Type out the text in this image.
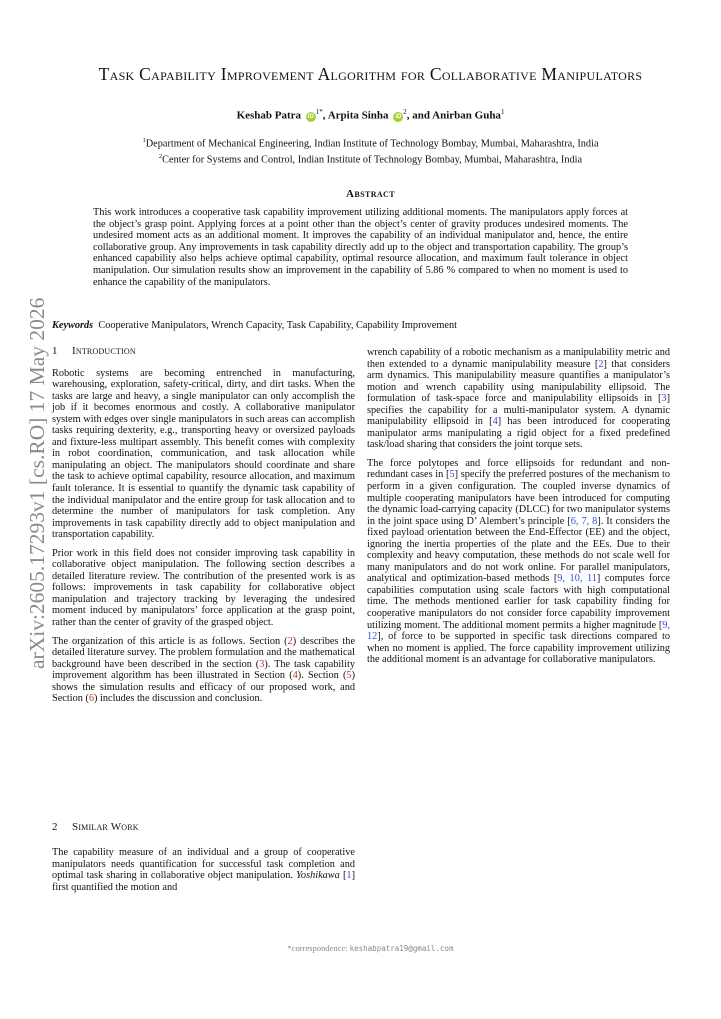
arXiv:2605.17293v1 [cs.RO] 17 May 2026
Task Capability Improvement Algorithm for Collaborative Manipulators
Keshab Patra $iD^{1*}$, Arpita Sinha $iD^2$, and Anirban Guha$^1$
$^1$Department of Mechanical Engineering, Indian Institute of Technology Bombay, Mumbai, Maharashtra, India
$^2$Center for Systems and Control, Indian Institute of Technology Bombay, Mumbai, Maharashtra, India
Abstract
This work introduces a cooperative task capability improvement utilizing additional moments. The manipulators apply forces at the object’s grasp point. Applying forces at a point other than the object’s center of gravity produces undesired moments. The undesired moment acts as an additional moment. It improves the capability of an individual manipulator and, hence, the entire collaborative group. Any improvements in task capability directly add up to the object and transportation capability. The group’s enhanced capability also helps achieve optimal capability, optimal resource allocation, and maximum fault tolerance in object manipulation. Our simulation results show an improvement in the capability of 5.86 % compared to when no moment is used to enhance the capability of the manipulators.
Keywords Cooperative Manipulators, Wrench Capacity, Task Capability, Capability Improvement
1 Introduction

Robotic systems are becoming entrenched in manufacturing, warehousing, exploration, safety-critical, dirty, and dirt tasks. When the tasks are large and heavy, a single manipulator can only accomplish the job if it becomes enormous and costly. A collaborative manipulator system with edges over single manipulators in such areas can accomplish tasks requiring dexterity, e.g., transporting heavy or oversized payloads and fixture-less multipart assembly. This benefit comes with complexity in robot coordination, communication, and task allocation while manipulating an object. The manipulators should coordinate and share the task to achieve optimal capability, resource allocation, and maximum fault tolerance. It is essential to quantify the dynamic task capability of the individual manipulator and the entire group for task allocation and to determine the number of manipulators for task completion. Any improvements in task capability directly add to object manipulation and transportation capability.

Prior work in this field does not consider improving task capability in collaborative object manipulation. The following section describes a detailed literature review. The contribution of the presented work is as follows: improvements in task capability for collaborative object manipulation and trajectory tracking by leveraging the undesired moment induced by manipulators’ force application at the grasp point, rather than the center of gravity of the grasped object.

The organization of this article is as follows. Section (2) describes the detailed literature survey. The problem formulation and the mathematical background have been described in the section (3). The task capability improvement algorithm has been illustrated in Section (4). Section (5) shows the simulation results and efficacy of our proposed work, and Section (6) includes the discussion and conclusion.

2 Similar Work

The capability measure of an individual and a group of cooperative manipulators needs quantification for successful task completion and optimal task sharing in collaborative object manipulation. Yoshikawa [1] first quantified the motion and

wrench capability of a robotic mechanism as a manipulability metric and then extended to a dynamic manipulability measure [2] that considers arm dynamics. This manipulability measure quantifies a manipulator’s motion and wrench capability using manipulability ellipsoid. The formulation of task-space force and manipulability ellipsoids in [3] specifies the capability for a multi-manipulator system. A dynamic manipulability ellipsoid in [4] has been introduced for cooperating manipulator arms manipulating a rigid object for a fixed predefined task/load sharing that considers the joint torque sets.

The force polytopes and force ellipsoids for redundant and non-redundant cases in [5] specify the preferred postures of the mechanism to perform in a given configuration. The coupled inverse dynamics of multiple cooperating manipulators have been introduced for computing the dynamic load-carrying capacity (DLCC) for two manipulator systems in the joint space using D’ Alembert’s principle [6, 7, 8]. It considers the fixed payload orientation between the End-Effector (EE) and the object, ignoring the inertia properties of the plate and the EEs. Due to their complexity and heavy computation, these methods do not scale well for many manipulators and do not work online. For parallel manipulators, analytical and optimization-based methods [9, 10, 11] computes force capabilities computation using scale factors with high computational time. The methods mentioned earlier for task capability finding for cooperative manipulators do not consider force capability improvement utilizing moment. The additional moment permits a higher magnitude [9, 12], of force to be supported in specific task directions compared to when no moment is applied. The force capability improvement utilizing the additional moment is an advantage for collaborative manipulators.

*correspondence: keshabpatra19@gmail.com
